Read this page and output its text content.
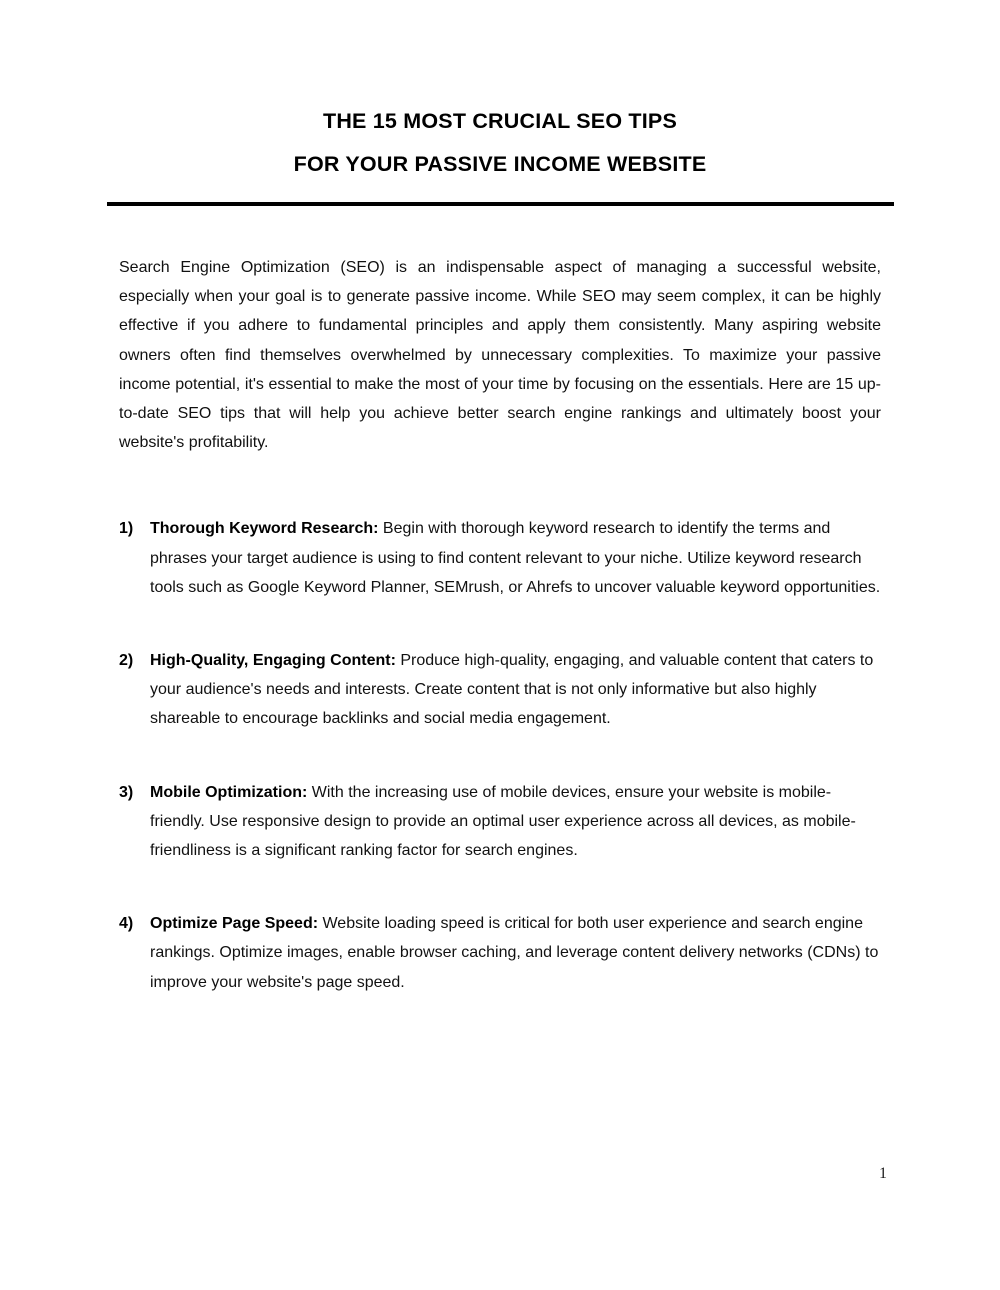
THE 15 MOST CRUCIAL SEO TIPS
FOR YOUR PASSIVE INCOME WEBSITE

Search Engine Optimization (SEO) is an indispensable aspect of managing a successful website, especially when your goal is to generate passive income. While SEO may seem complex, it can be highly effective if you adhere to fundamental principles and apply them consistently. Many aspiring website owners often find themselves overwhelmed by unnecessary complexities. To maximize your passive income potential, it's essential to make the most of your time by focusing on the essentials. Here are 15 up-to-date SEO tips that will help you achieve better search engine rankings and ultimately boost your website's profitability.

1) Thorough Keyword Research: Begin with thorough keyword research to identify the terms and phrases your target audience is using to find content relevant to your niche. Utilize keyword research tools such as Google Keyword Planner, SEMrush, or Ahrefs to uncover valuable keyword opportunities.
2) High-Quality, Engaging Content: Produce high-quality, engaging, and valuable content that caters to your audience's needs and interests. Create content that is not only informative but also highly shareable to encourage backlinks and social media engagement.
3) Mobile Optimization: With the increasing use of mobile devices, ensure your website is mobile-friendly. Use responsive design to provide an optimal user experience across all devices, as mobile-friendliness is a significant ranking factor for search engines.
4) Optimize Page Speed: Website loading speed is critical for both user experience and search engine rankings. Optimize images, enable browser caching, and leverage content delivery networks (CDNs) to improve your website's page speed.
1
